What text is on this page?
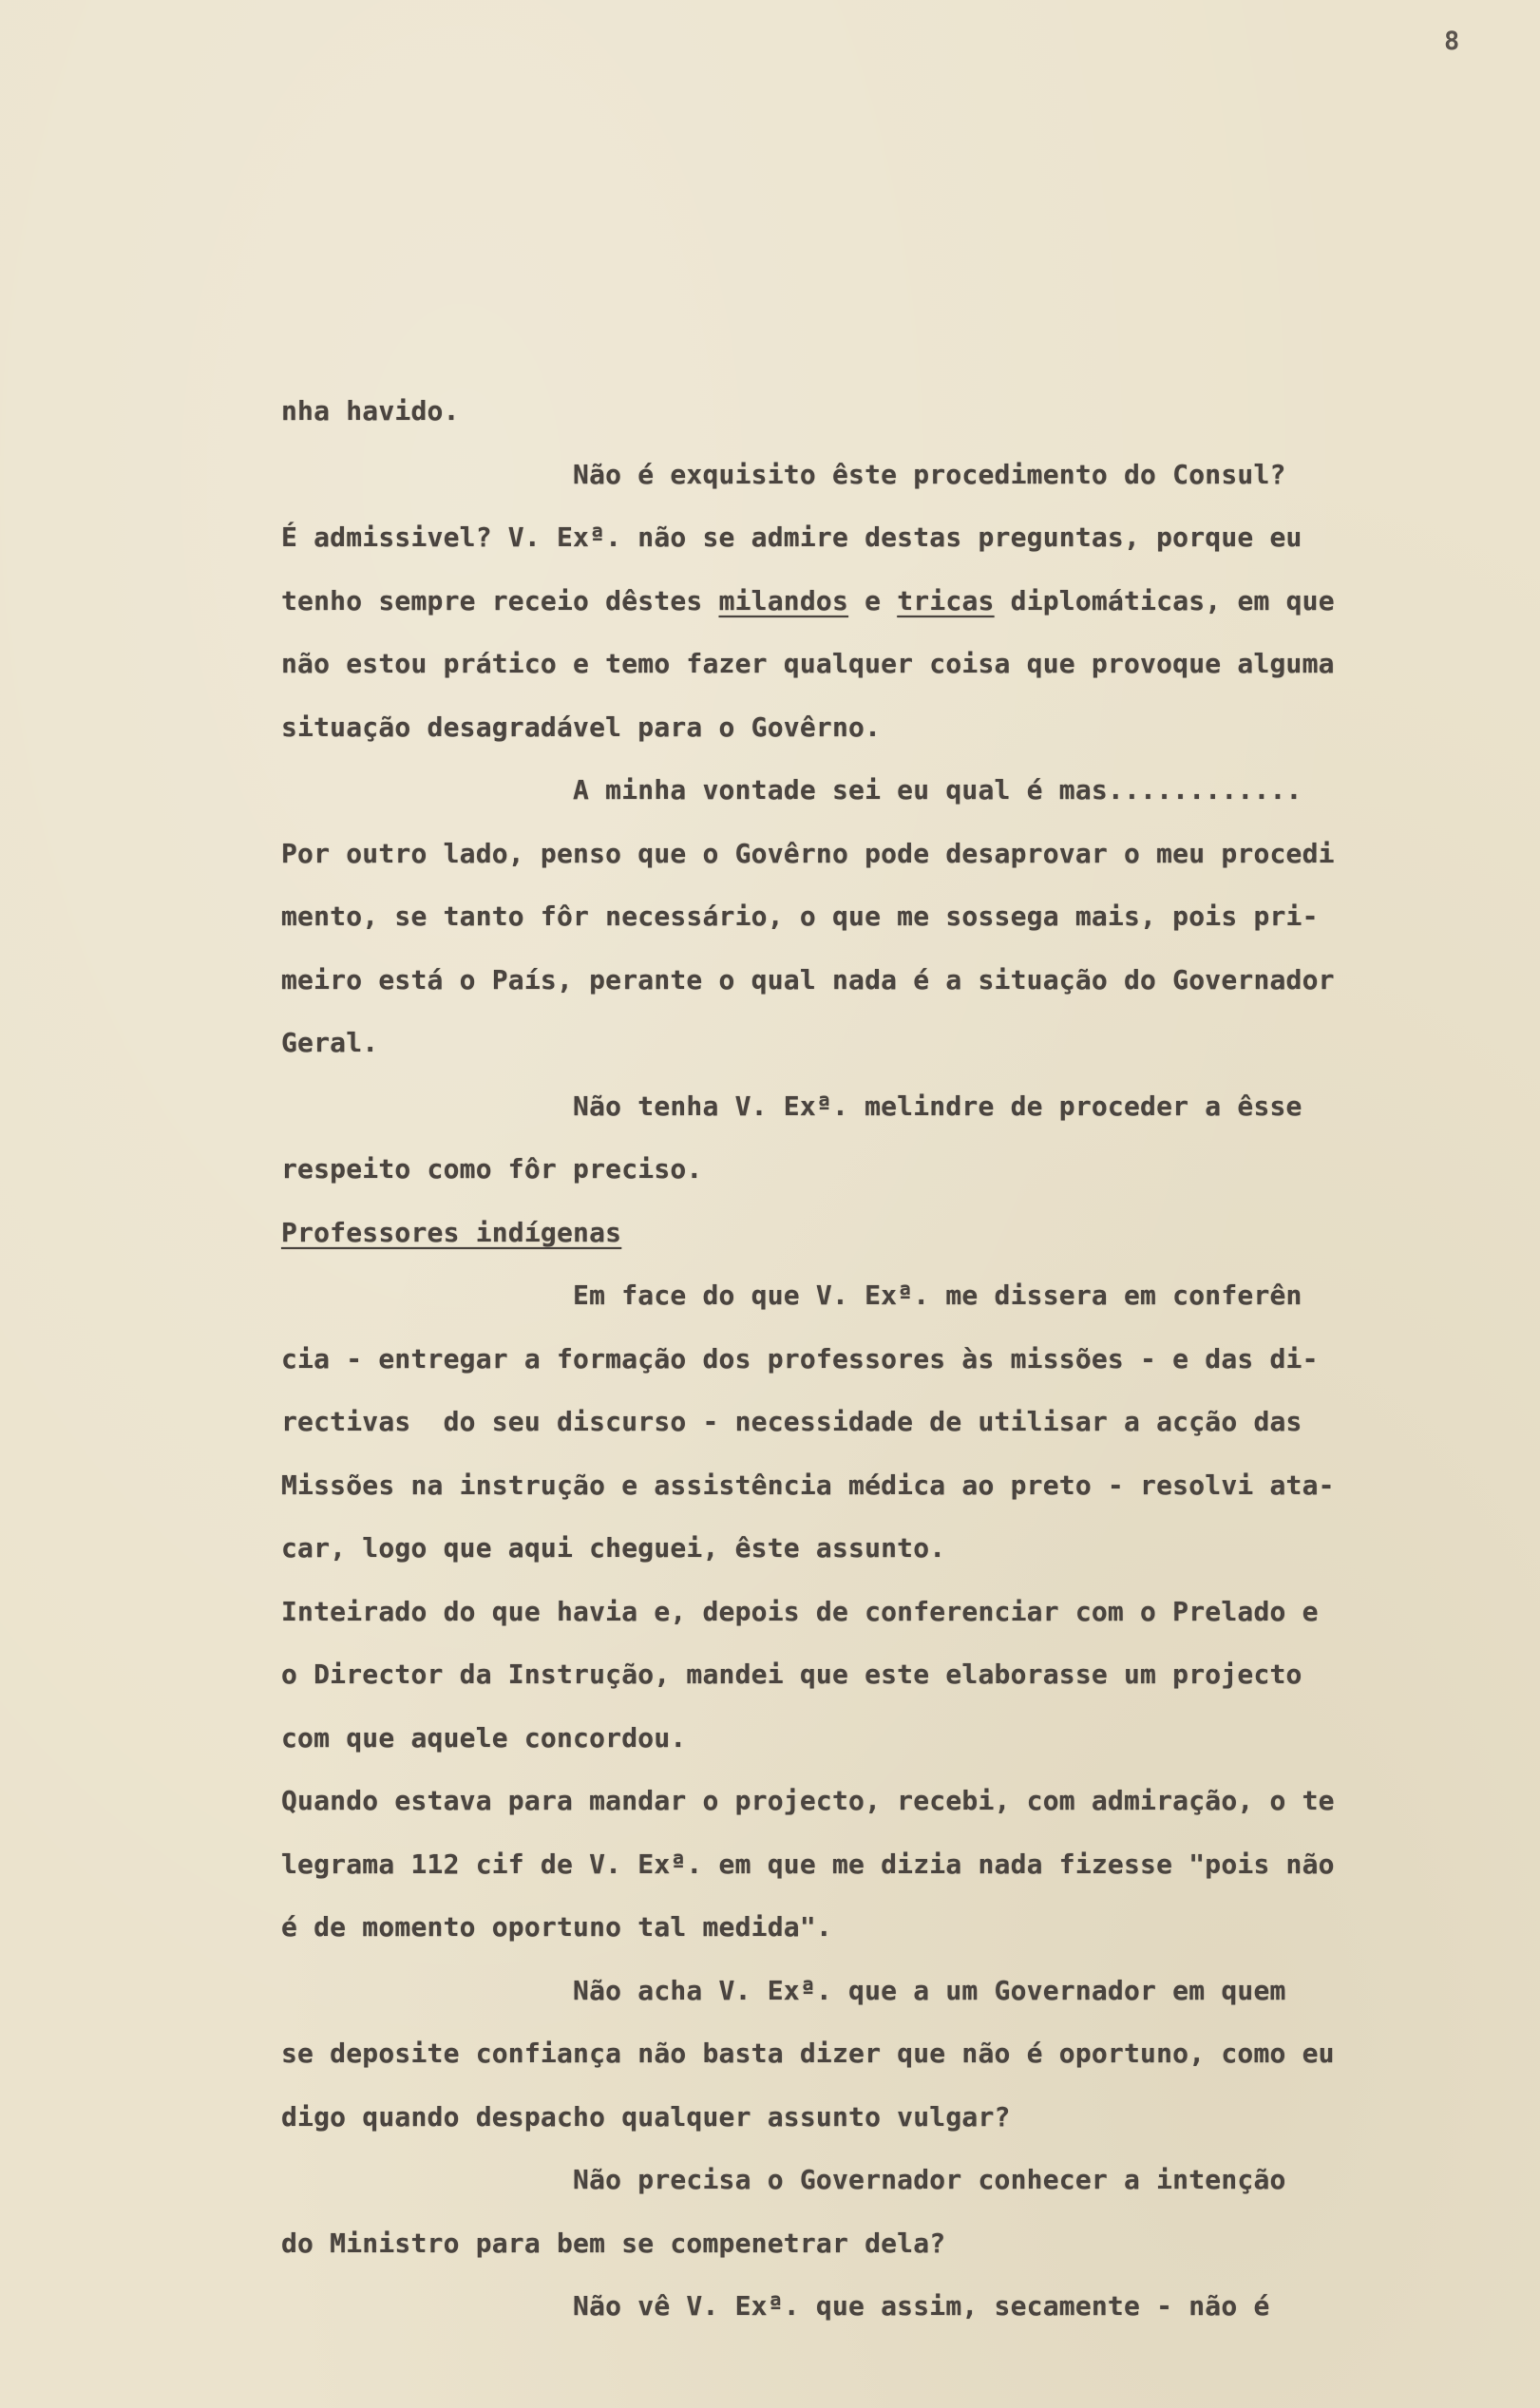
8

nha havido.

Não é exquisito êste procedimento do Consul?

É admissivel? V. Exª. não se admire destas preguntas, porque eu

tenho sempre receio dêstes milandos e tricas diplomáticas, em que

não estou prático e temo fazer qualquer coisa que provoque alguma

situação desagradável para o Govêrno.

A minha vontade sei eu qual é mas............

Por outro lado, penso que o Govêrno pode desaprovar o meu procedi

mento, se tanto fôr necessário, o que me sossega mais, pois pri-

meiro está o País, perante o qual nada é a situação do Governador

Geral.

Não tenha V. Exª. melindre de proceder a êsse

respeito como fôr preciso.

Professores indígenas

Em face do que V. Exª. me dissera em conferên

cia - entregar a formação dos professores às missões - e das di-

rectivas  do seu discurso - necessidade de utilisar a acção das

Missões na instrução e assistência médica ao preto - resolvi ata-

car, logo que aqui cheguei, êste assunto.

Inteirado do que havia e, depois de conferenciar com o Prelado e

o Director da Instrução, mandei que este elaborasse um projecto

com que aquele concordou.

Quando estava para mandar o projecto, recebi, com admiração, o te

legrama 112 cif de V. Exª. em que me dizia nada fizesse "pois não

é de momento oportuno tal medida".

Não acha V. Exª. que a um Governador em quem

se deposite confiança não basta dizer que não é oportuno, como eu

digo quando despacho qualquer assunto vulgar?

Não precisa o Governador conhecer a intenção

do Ministro para bem se compenetrar dela?

Não vê V. Exª. que assim, secamente - não é
